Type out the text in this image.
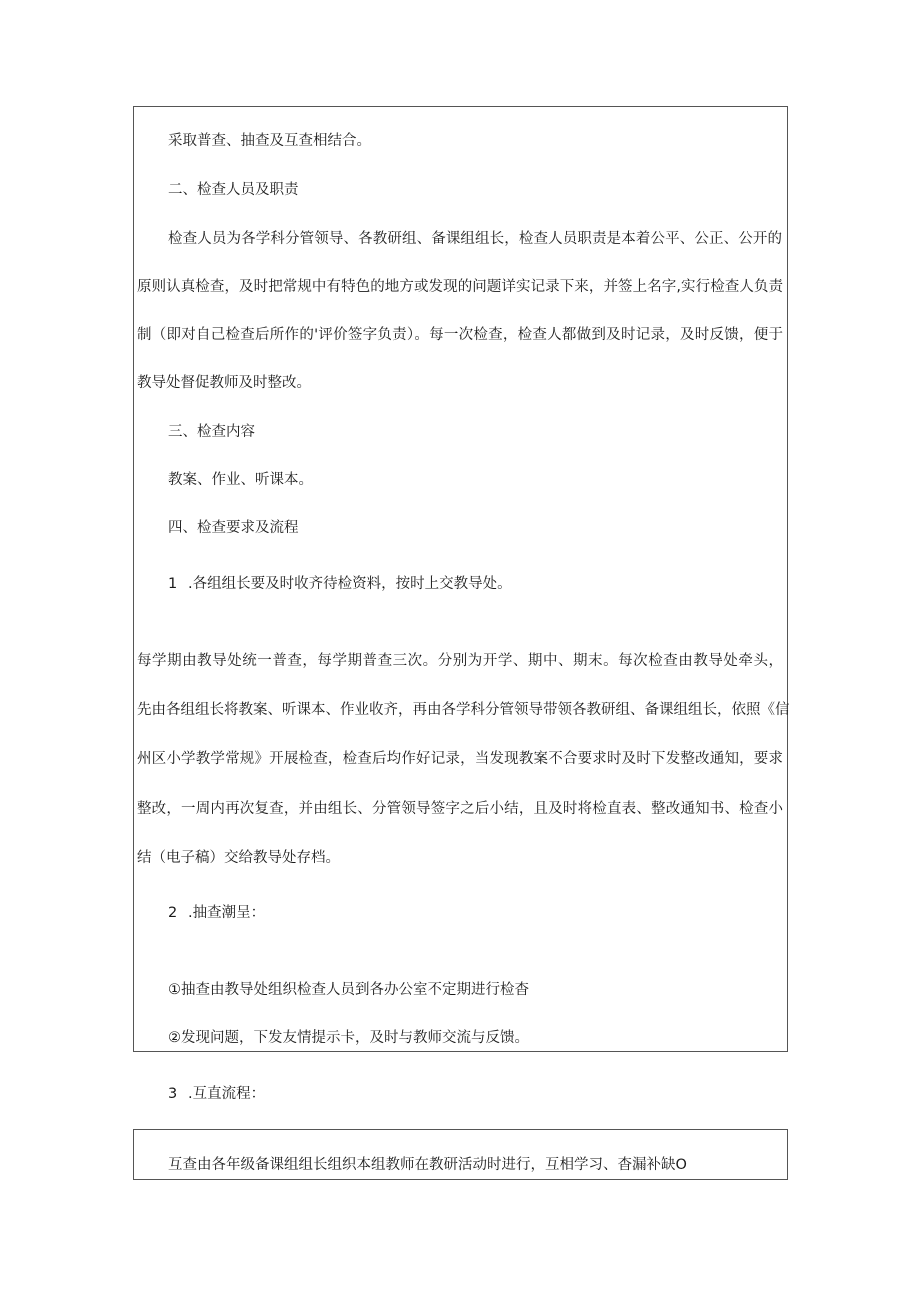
采取普查、抽查及互查相结合。
二、检查人员及职责
检查人员为各学科分管领导、各教研组、备课组组长，检查人员职责是本着公平、公正、公开的
原则认真检查，及时把常规中有特色的地方或发现的问题详实记录下来，并签上名字,实行检查人负责
制（即对自己检查后所作的'评价签字负责）。每一次检查，检查人都做到及时记录，及时反馈，便于
教导处督促教师及时整改。
三、检查内容
教案、作业、听课本。
四、检查要求及流程
1 .各组组长要及时收齐待检资料，按时上交教导处。
每学期由教导处统一普查，每学期普查三次。分别为开学、期中、期末。每次检查由教导处牵头，
先由各组组长将教案、听课本、作业收齐，再由各学科分管领导带领各教研组、备课组组长，依照《信
州区小学教学常规》开展检查，检查后均作好记录，当发现教案不合要求时及时下发整改通知，要求
整改，一周内再次复查，并由组长、分管领导签字之后小结，且及时将检直表、整改通知书、检查小
结（电子稿）交给教导处存档。
2 .抽查潮呈：
①抽查由教导处组织检查人员到各办公室不定期进行检杳
②发现问题，下发友情提示卡，及时与教师交流与反馈。
3 .互直流程：
互查由各年级备课组组长组织本组教师在教研活动时进行，互相学习、杳漏补缺O
